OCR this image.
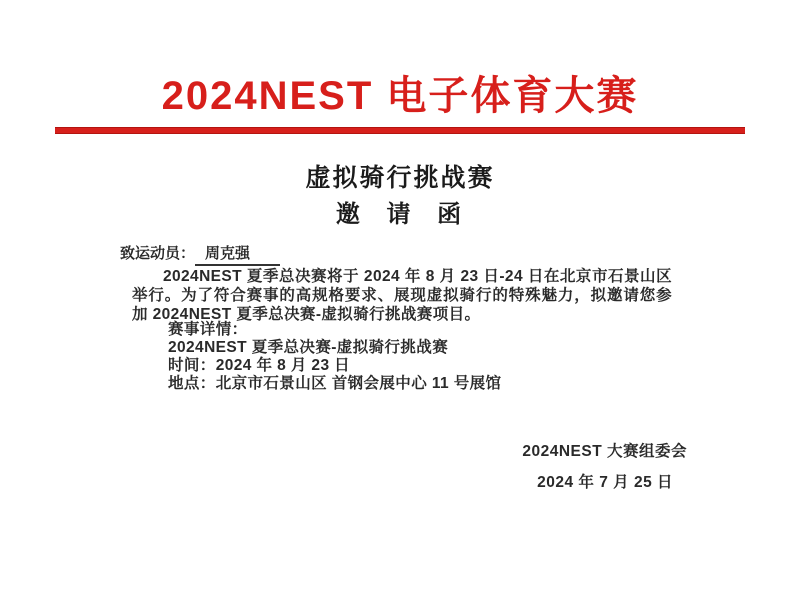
2024NEST 电子体育大赛
虚拟骑行挑战赛
邀 请 函
致运动员： 周克强

2024NEST 夏季总决赛将于 2024 年 8 月 23 日-24 日在北京市石景山区举行。为了符合赛事的高规格要求、展现虚拟骑行的特殊魅力，拟邀请您参加 2024NEST 夏季总决赛-虚拟骑行挑战赛项目。

赛事详情：
2024NEST 夏季总决赛-虚拟骑行挑战赛
时间：2024 年 8 月 23 日
地点：北京市石景山区 首钢会展中心 11 号展馆
2024NEST 大赛组委会
2024 年 7 月 25 日
